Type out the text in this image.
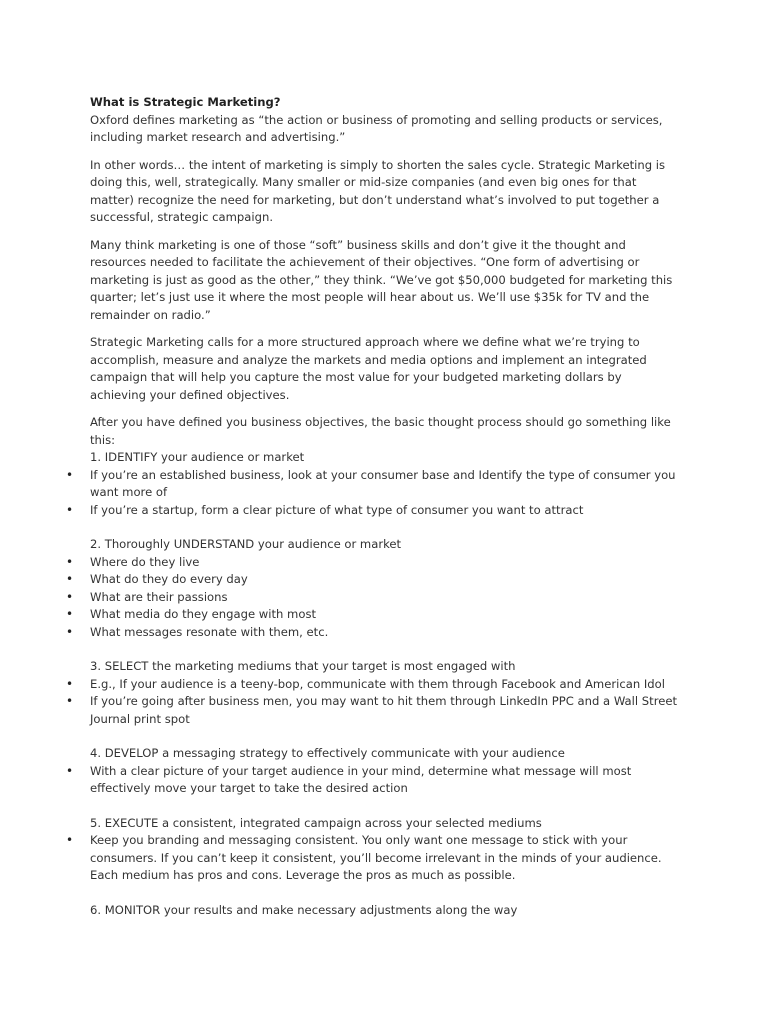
What is Strategic Marketing?

Oxford defines marketing as “the action or business of promoting and selling products or services, including market research and advertising.”

In other words… the intent of marketing is simply to shorten the sales cycle. Strategic Marketing is doing this, well, strategically. Many smaller or mid-size companies (and even big ones for that matter) recognize the need for marketing, but don’t understand what’s involved to put together a successful, strategic campaign.

Many think marketing is one of those “soft” business skills and don’t give it the thought and resources needed to facilitate the achievement of their objectives. “One form of advertising or marketing is just as good as the other,” they think. “We’ve got $50,000 budgeted for marketing this quarter; let’s just use it where the most people will hear about us. We’ll use $35k for TV and the remainder on radio.”

Strategic Marketing calls for a more structured approach where we define what we’re trying to accomplish, measure and analyze the markets and media options and implement an integrated campaign that will help you capture the most value for your budgeted marketing dollars by achieving your defined objectives.

After you have defined you business objectives, the basic thought process should go something like this:

1. IDENTIFY your audience or market
• If you’re an established business, look at your consumer base and Identify the type of consumer you want more of
• If you’re a startup, form a clear picture of what type of consumer you want to attract
2. Thoroughly UNDERSTAND your audience or market
• Where do they live
• What do they do every day
• What are their passions
• What media do they engage with most
• What messages resonate with them, etc.
3. SELECT the marketing mediums that your target is most engaged with
• E.g., If your audience is a teeny-bop, communicate with them through Facebook and American Idol
• If you’re going after business men, you may want to hit them through LinkedIn PPC and a Wall Street Journal print spot
4. DEVELOP a messaging strategy to effectively communicate with your audience
• With a clear picture of your target audience in your mind, determine what message will most effectively move your target to take the desired action
5. EXECUTE a consistent, integrated campaign across your selected mediums
• Keep you branding and messaging consistent. You only want one message to stick with your consumers. If you can’t keep it consistent, you’ll become irrelevant in the minds of your audience. Each medium has pros and cons. Leverage the pros as much as possible.
6. MONITOR your results and make necessary adjustments along the way
